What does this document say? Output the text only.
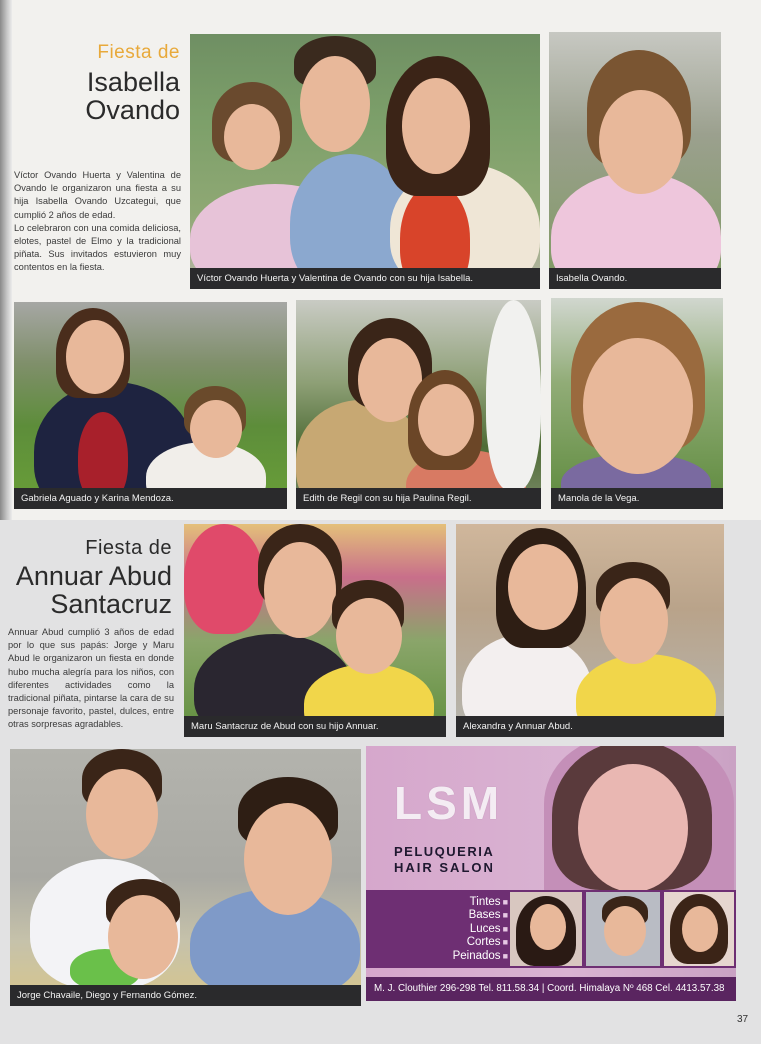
Fiesta de
Isabella
Ovando

Víctor Ovando Huerta y Valentina de Ovando le organizaron una fiesta a su hija Isabella Ovando Uzcategui, que cumplió 2 años de edad.

Lo celebraron con una comida deliciosa, elotes, pastel de Elmo y la tradicional piñata. Sus invitados estuvieron muy contentos en la fiesta.

Víctor Ovando Huerta y Valentina de Ovando con su hija Isabella.	Isabella Ovando.
Gabriela Aguado y Karina Mendoza.	Edith de Regil con su hija Paulina Regil.	Manola de la Vega.
Fiesta de
Annuar Abud
Santacruz

Annuar Abud cumplió 3 años de edad por lo que sus papás: Jorge y Maru Abud le organizaron un fiesta en donde hubo mucha alegría para los niños, con diferentes actividades como la tradicional piñata, pintarse la cara de su personaje favorito, pastel, dulces, entre otras sorpresas agradables.	Maru Santacruz de Abud con su hijo Annuar.	Alexandra y Annuar Abud.
Jorge Chavaile, Diego y Fernando Gómez.
LSM
PELUQUERIA
HAIR SALON
Tintes ■
Bases ■
Luces ■
Cortes ■
Peinados ■
M. J. Clouthier 296-298 Tel. 811.58.34 | Coord. Himalaya Nº 468 Cel. 4413.57.38
37
